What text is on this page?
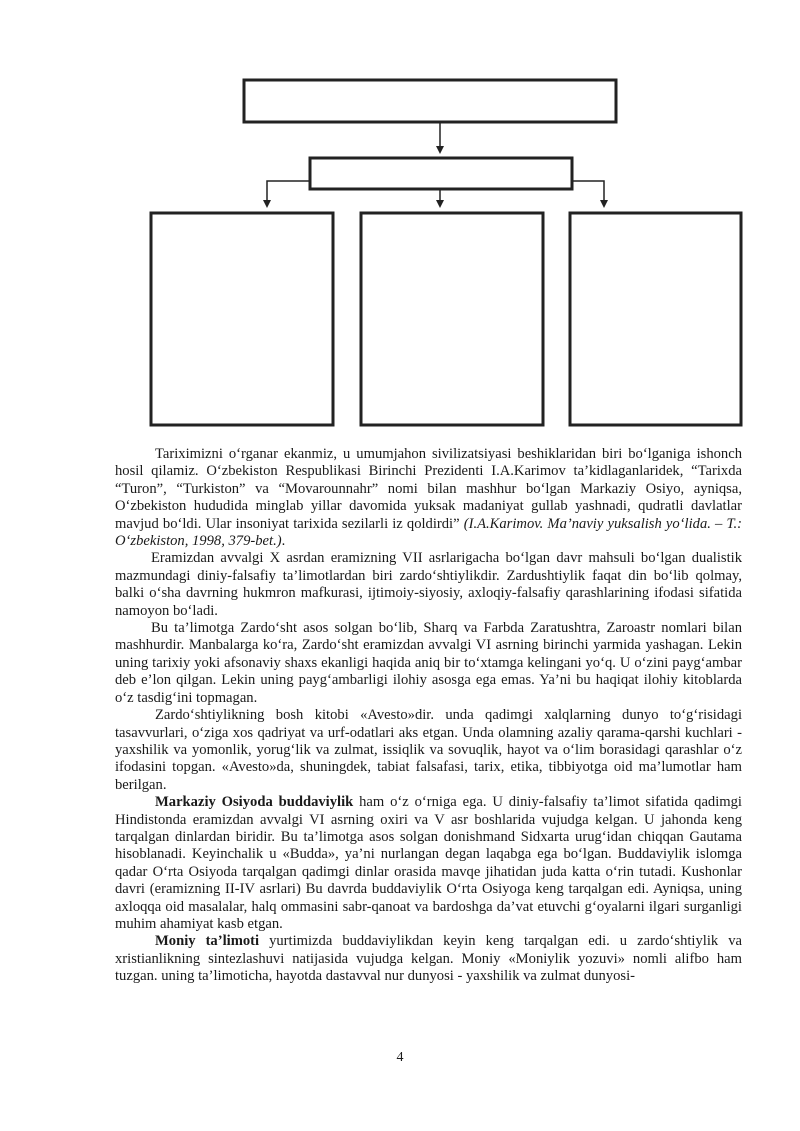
Tariximizni o‘rganar ekanmiz, u umumjahon sivilizatsiyasi beshiklaridan biri bo‘lganiga ishonch hosil qilamiz. O‘zbekiston Respublikasi Birinchi Prezidenti I.A.Karimov ta’kidlaganlaridek, “Tarixda “Turon”, “Turkiston” va “Movarounnahr” nomi bilan mashhur bo‘lgan Markaziy Osiyo, ayniqsa, O‘zbekiston hududida minglab yillar davomida yuksak madaniyat gullab yashnadi, qudratli davlatlar mavjud bo‘ldi. Ular insoniyat tarixida sezilarli iz qoldirdi” (I.A.Karimov. Ma’naviy yuksalish yo‘lida. – T.: O‘zbekiston, 1998, 379-bet.).

Eramizdan avvalgi X asrdan eramizning VII asrlarigacha bo‘lgan davr mahsuli bo‘lgan dualistik mazmundagi diniy-falsafiy ta’limotlardan biri zardo‘shtiylikdir. Zardushtiylik faqat din bo‘lib qolmay, balki o‘sha davrning hukmron mafkurasi, ijtimoiy-siyosiy, axloqiy-falsafiy qarashlarining ifodasi sifatida namoyon bo‘ladi.

Bu ta’limotga Zardo‘sht asos solgan bo‘lib, Sharq va Farbda Zaratushtra, Zaroastr nomlari bilan mashhurdir. Manbalarga ko‘ra, Zardo‘sht eramizdan avvalgi VI asrning birinchi yarmida yashagan. Lekin uning tarixiy yoki afsonaviy shaxs ekanligi haqida aniq bir to‘xtamga kelingani yo‘q. U o‘zini payg‘ambar deb e’lon qilgan. Lekin uning payg‘ambarligi ilohiy asosga ega emas. Ya’ni bu haqiqat ilohiy kitoblarda o‘z tasdig‘ini topmagan.

Zardo‘shtiylikning bosh kitobi «Avesto»dir. unda qadimgi xalqlarning dunyo to‘g‘risidagi tasavvurlari, o‘ziga xos qadriyat va urf-odatlari aks etgan. Unda olamning azaliy qarama-qarshi kuchlari - yaxshilik va yomonlik, yorug‘lik va zulmat, issiqlik va sovuqlik, hayot va o‘lim borasidagi qarashlar o‘z ifodasini topgan. «Avesto»da, shuningdek, tabiat falsafasi, tarix, etika, tibbiyotga oid ma’lumotlar ham berilgan.

Markaziy Osiyoda buddaviylik ham o‘z o‘rniga ega. U diniy-falsafiy ta’limot sifatida qadimgi Hindistonda eramizdan avvalgi VI asrning oxiri va V asr boshlarida vujudga kelgan. U jahonda keng tarqalgan dinlardan biridir. Bu ta’limotga asos solgan donishmand Sidxarta urug‘idan chiqqan Gautama hisoblanadi. Keyinchalik u «Budda», ya’ni nurlangan degan laqabga ega bo‘lgan. Buddaviylik islomga qadar O‘rta Osiyoda tarqalgan qadimgi dinlar orasida mavqe jihatidan juda katta o‘rin tutadi. Kushonlar davri (eramizning II-IV asrlari) Bu davrda buddaviylik O‘rta Osiyoga keng tarqalgan edi. Ayniqsa, uning axloqqa oid masalalar, halq ommasini sabr-qanoat va bardoshga da’vat etuvchi g‘oyalarni ilgari surganligi muhim ahamiyat kasb etgan.

Moniy ta’limoti yurtimizda buddaviylikdan keyin keng tarqalgan edi. u zardo‘shtiylik va xristianlikning sintezlashuvi natijasida vujudga kelgan. Moniy «Moniylik yozuvi» nomli alifbo ham tuzgan. uning ta’limoticha, hayotda dastavval nur dunyosi - yaxshilik va zulmat dunyosi-

4
